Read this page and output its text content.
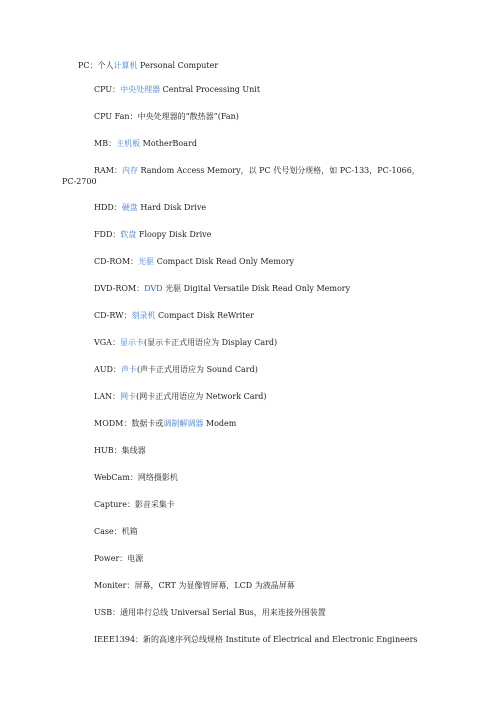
PC：个人计算机 Personal Computer
CPU：中央处理器 Central Processing Unit
CPU Fan：中央处理器的“散热器”(Fan)
MB：主机板 MotherBoard
RAM：内存 Random Access Memory，以 PC 代号划分规格，如 PC-133，PC-1066，
PC-2700
HDD：硬盘 Hard Disk Drive
FDD：软盘 Floopy Disk Drive
CD-ROM：光驱 Compact Disk Read Only Memory
DVD-ROM：DVD 光驱 Digital Versatile Disk Read Only Memory
CD-RW：刻录机 Compact Disk ReWriter
VGA：显示卡(显示卡正式用语应为 Display Card)
AUD：声卡(声卡正式用语应为 Sound Card)
LAN：网卡(网卡正式用语应为 Network Card)
MODM：数据卡或调制解调器 Modem
HUB：集线器
WebCam：网络摄影机
Capture：影音采集卡
Case：机箱
Power：电源
Moniter：屏幕，CRT 为显像管屏幕，LCD 为液晶屏幕
USB：通用串行总线 Universal Serial Bus，用来连接外围装置
IEEE1394：新的高速序列总线规格 Institute of Electrical and Electronic Engineers
